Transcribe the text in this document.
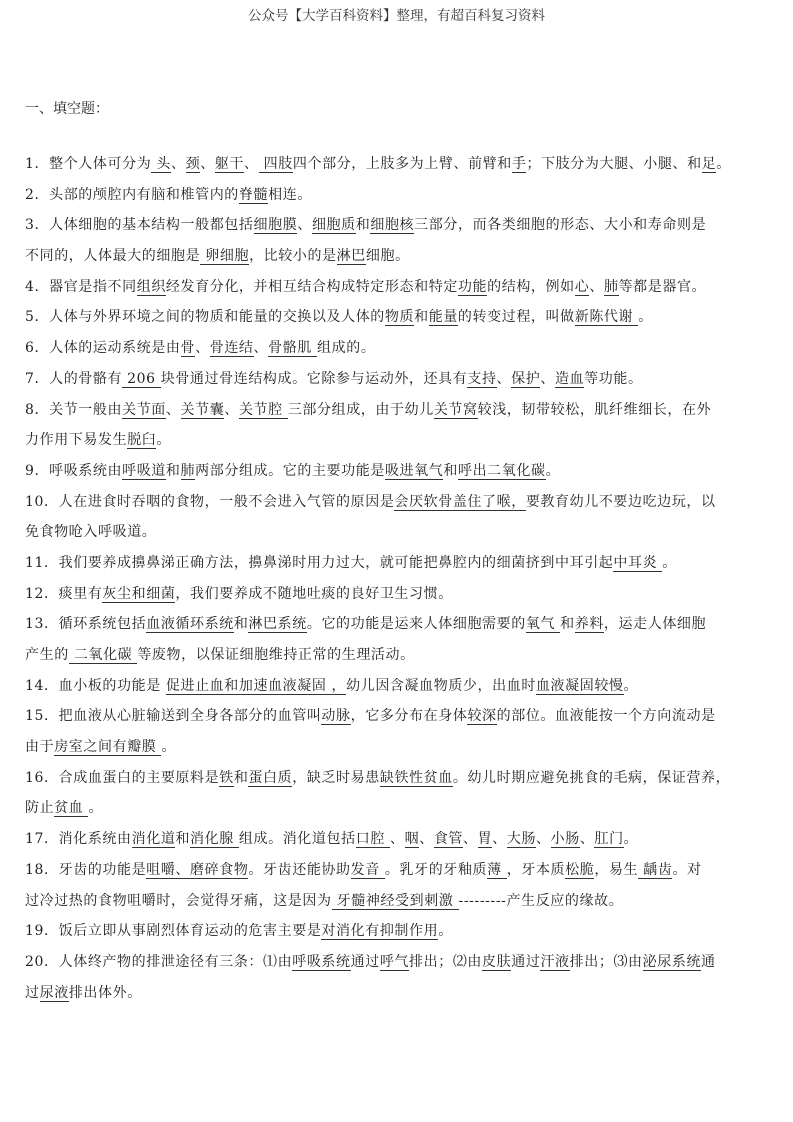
公众号【大学百科资料】整理，有超百科复习资料
一、填空题：
1．整个人体可分为 头、颈、躯干、 四肢四个部分，上肢多为上臂、前臂和手；下肢分为大腿、小腿、和足。
2．头部的颅腔内有脑和椎管内的脊髓相连。
3．人体细胞的基本结构一般都包括细胞膜、细胞质和细胞核三部分，而各类细胞的形态、大小和寿命则是
不同的，人体最大的细胞是 卵细胞，比较小的是淋巴细胞。
4．器官是指不同组织经发育分化，并相互结合构成特定形态和特定功能的结构，例如心、肺等都是器官。
5．人体与外界环境之间的物质和能量的交换以及人体的物质和能量的转变过程，叫做新陈代谢 。
6．人体的运动系统是由骨、骨连结、骨骼肌 组成的。
7．人的骨骼有 206 块骨通过骨连结构成。它除参与运动外，还具有支持、保护、造血等功能。
8．关节一般由关节面、关节囊、关节腔 三部分组成，由于幼儿关节窝较浅，韧带较松，肌纤维细长，在外
力作用下易发生脱臼。
9．呼吸系统由呼吸道和肺两部分组成。它的主要功能是吸进氧气和呼出二氧化碳。
10．人在进食时吞咽的食物，一般不会进入气管的原因是会厌软骨盖住了喉，要教育幼儿不要边吃边玩，以
免食物呛入呼吸道。
11．我们要养成擤鼻涕正确方法，擤鼻涕时用力过大，就可能把鼻腔内的细菌挤到中耳引起中耳炎 。
12．痰里有灰尘和细菌，我们要养成不随地吐痰的良好卫生习惯。
13．循环系统包括血液循环系统和淋巴系统。它的功能是运来人体细胞需要的氧气 和养料，运走人体细胞
产生的 二氧化碳 等废物，以保证细胞维持正常的生理活动。
14．血小板的功能是 促进止血和加速血液凝固 ，幼儿因含凝血物质少，出血时血液凝固较慢。
15．把血液从心脏输送到全身各部分的血管叫动脉，它多分布在身体较深的部位。血液能按一个方向流动是
由于房室之间有瓣膜 。
16．合成血蛋白的主要原料是铁和蛋白质，缺乏时易患缺铁性贫血。幼儿时期应避免挑食的毛病，保证营养，
防止贫血 。
17．消化系统由消化道和消化腺 组成。消化道包括口腔 、咽、食管、胃、大肠、小肠、肛门。
18．牙齿的功能是咀嚼、磨碎食物。牙齿还能协助发音 。乳牙的牙釉质薄 ，牙本质松脆，易生 龋齿。对
过冷过热的食物咀嚼时，会觉得牙痛，这是因为 牙髓神经受到刺激 ---------产生反应的缘故。
19．饭后立即从事剧烈体育运动的危害主要是对消化有抑制作用。
20．人体终产物的排泄途径有三条：⑴由呼吸系统通过呼气排出；⑵由皮肤通过汗液排出；⑶由泌尿系统通
过尿液排出体外。
